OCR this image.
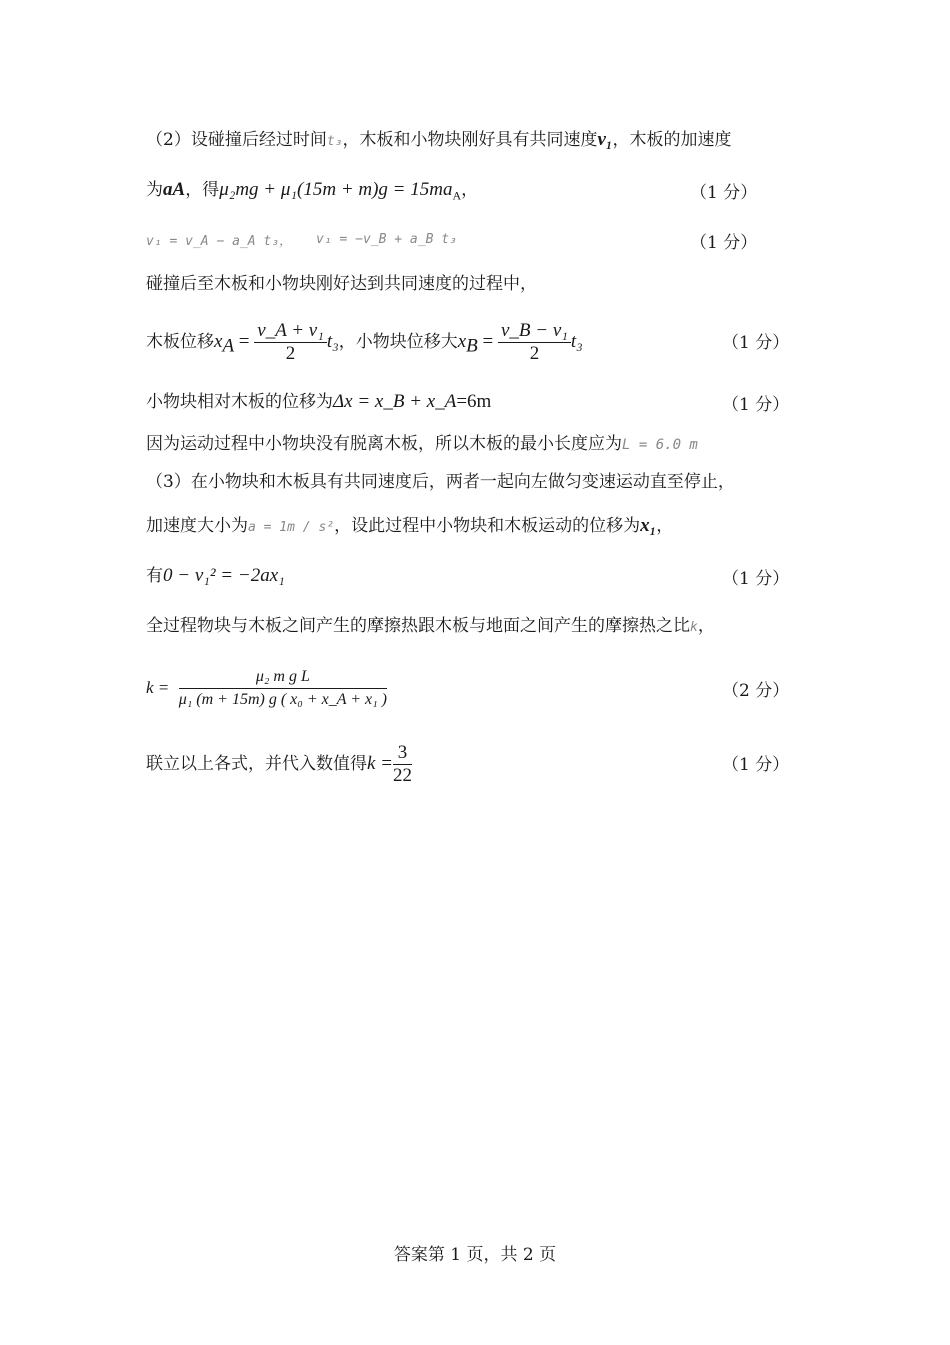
（2）设碰撞后经过时间t₃，木板和小物块刚好具有共同速度v₁，木板的加速度
为aA，得$\mu_2mg + \mu_1(15m + m)g = 15ma_A$，	（1 分）
v₁ = v_A − a_A t₃， v₁ = −v_B + a_B t₃	（1 分）
碰撞后至木板和小物块刚好达到共同速度的过程中，
木板位移$x_A = \frac{\text{v\_A + v₁}}{2} t_3$，小物块位移大$x_B = \frac{\text{v\_B − v₁}}{2} t_3$	（1 分）
小物块相对木板的位移为Δx = x_B + x_A=6m	（1 分）
因为运动过程中小物块没有脱离木板，所以木板的最小长度应为L = 6.0 m
（3）在小物块和木板具有共同速度后，两者一起向左做匀变速运动直至停止，
加速度大小为a = 1m / s²，设此过程中小物块和木板运动的位移为x₁，
有0 − v₁² = −2ax₁	（1 分）
全过程物块与木板之间产生的摩擦热跟木板与地面之间产生的摩擦热之比k，
$k = \frac{\text{μ₂ m g L}}{\text{μ₁ (m + 15m) g ( x₀ + x\_A + x₁ )}}$	（2 分）
联立以上各式，并代入数值得$k = \frac{3}{22}$	（1 分）
答案第 1 页，共 2 页
